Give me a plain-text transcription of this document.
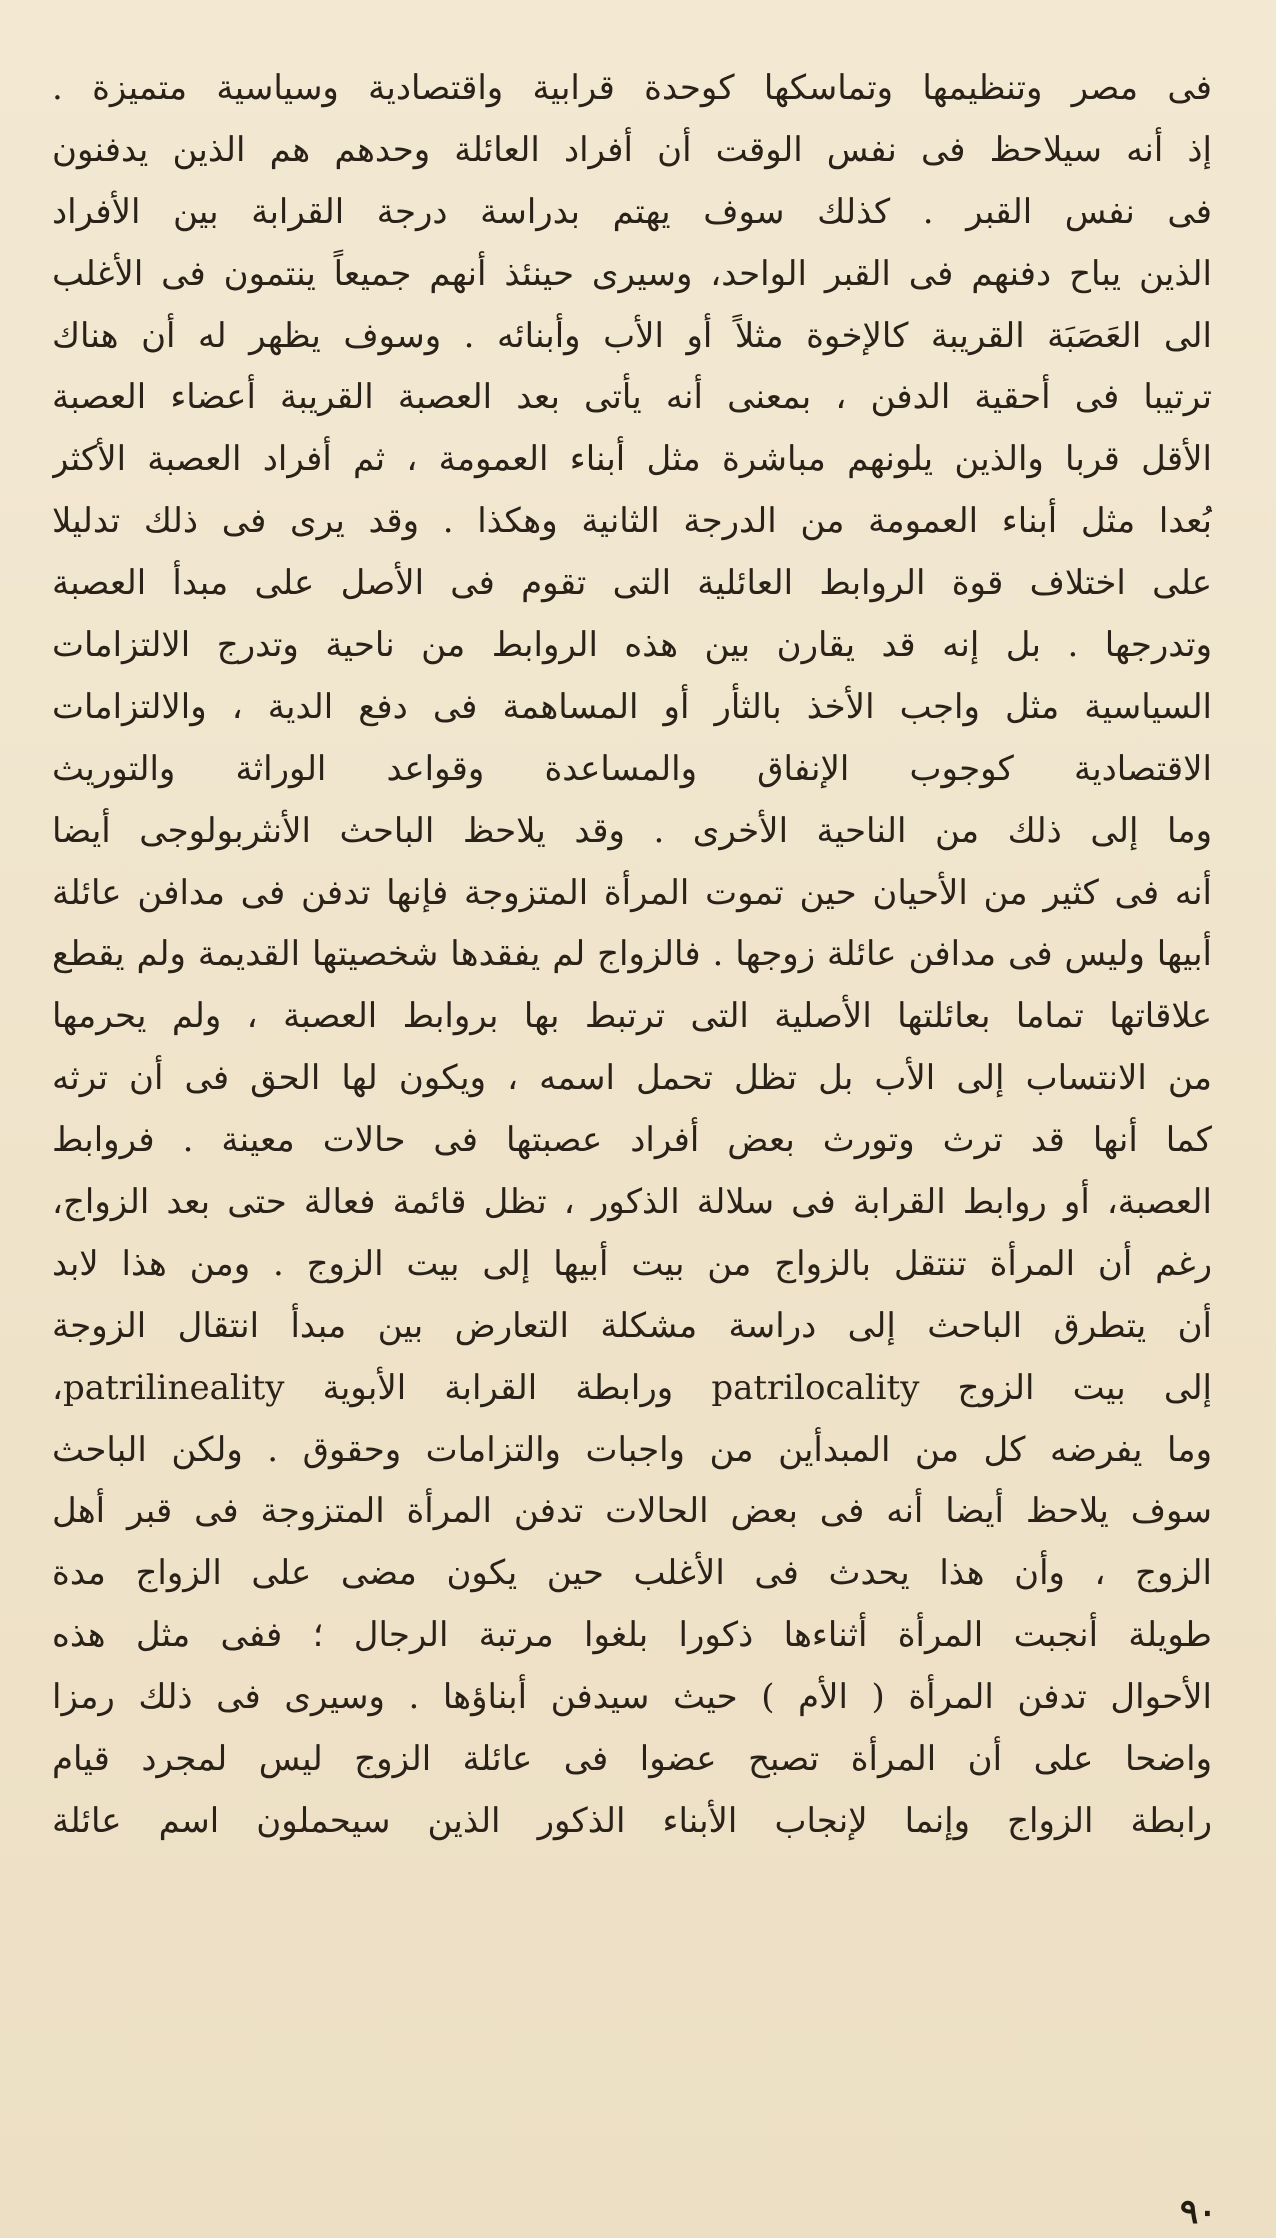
فى مصر وتنظيمها وتماسكها كوحدة قرابية واقتصادية وسياسية متميزة .
إذ أنه سيلاحظ فى نفس الوقت أن أفراد العائلة وحدهم هم الذين يدفنون
فى نفس القبر . كذلك سوف يهتم بدراسة درجة القرابة بين الأفراد
الذين يباح دفنهم فى القبر الواحد، وسيرى حينئذ أنهم جميعاً ينتمون فى الأغلب
الى العَصَبَة القريبة كالإخوة مثلاً أو الأب وأبنائه . وسوف يظهر له أن هناك
ترتيبا فى أحقية الدفن ، بمعنى أنه يأتى بعد العصبة القريبة أعضاء العصبة
الأقل قربا والذين يلونهم مباشرة مثل أبناء العمومة ، ثم أفراد العصبة الأكثر
بُعدا مثل أبناء العمومة من الدرجة الثانية وهكذا . وقد يرى فى ذلك تدليلا
على اختلاف قوة الروابط العائلية التى تقوم فى الأصل على مبدأ العصبة
وتدرجها . بل إنه قد يقارن بين هذه الروابط من ناحية وتدرج الالتزامات
السياسية مثل واجب الأخذ بالثأر أو المساهمة فى دفع الدية ، والالتزامات
الاقتصادية كوجوب الإنفاق والمساعدة وقواعد الوراثة والتوريث
وما إلى ذلك من الناحية الأخرى . وقد يلاحظ الباحث الأنثربولوجى أيضا
أنه فى كثير من الأحيان حين تموت المرأة المتزوجة فإنها تدفن فى مدافن عائلة
أبيها وليس فى مدافن عائلة زوجها . فالزواج لم يفقدها شخصيتها القديمة ولم يقطع
علاقاتها تماما بعائلتها الأصلية التى ترتبط بها بروابط العصبة ، ولم يحرمها
من الانتساب إلى الأب بل تظل تحمل اسمه ، ويكون لها الحق فى أن ترثه
كما أنها قد ترث وتورث بعض أفراد عصبتها فى حالات معينة . فروابط
العصبة، أو روابط القرابة فى سلالة الذكور ، تظل قائمة فعالة حتى بعد الزواج،
رغم أن المرأة تنتقل بالزواج من بيت أبيها إلى بيت الزوج . ومن هذا لابد
أن يتطرق الباحث إلى دراسة مشكلة التعارض بين مبدأ انتقال الزوجة
إلى بيت الزوج patrilocality ورابطة القرابة الأبوية patrilineality،
وما يفرضه كل من المبدأين من واجبات والتزامات وحقوق . ولكن الباحث
سوف يلاحظ أيضا أنه فى بعض الحالات تدفن المرأة المتزوجة فى قبر أهل
الزوج ، وأن هذا يحدث فى الأغلب حين يكون مضى على الزواج مدة
طويلة أنجبت المرأة أثناءها ذكورا بلغوا مرتبة الرجال ؛ ففى مثل هذه
الأحوال تدفن المرأة ( الأم ) حيث سيدفن أبناؤها . وسيرى فى ذلك رمزا
واضحا على أن المرأة تصبح عضوا فى عائلة الزوج ليس لمجرد قيام
رابطة الزواج وإنما لإنجاب الأبناء الذكور الذين سيحملون اسم عائلة
٩٠
